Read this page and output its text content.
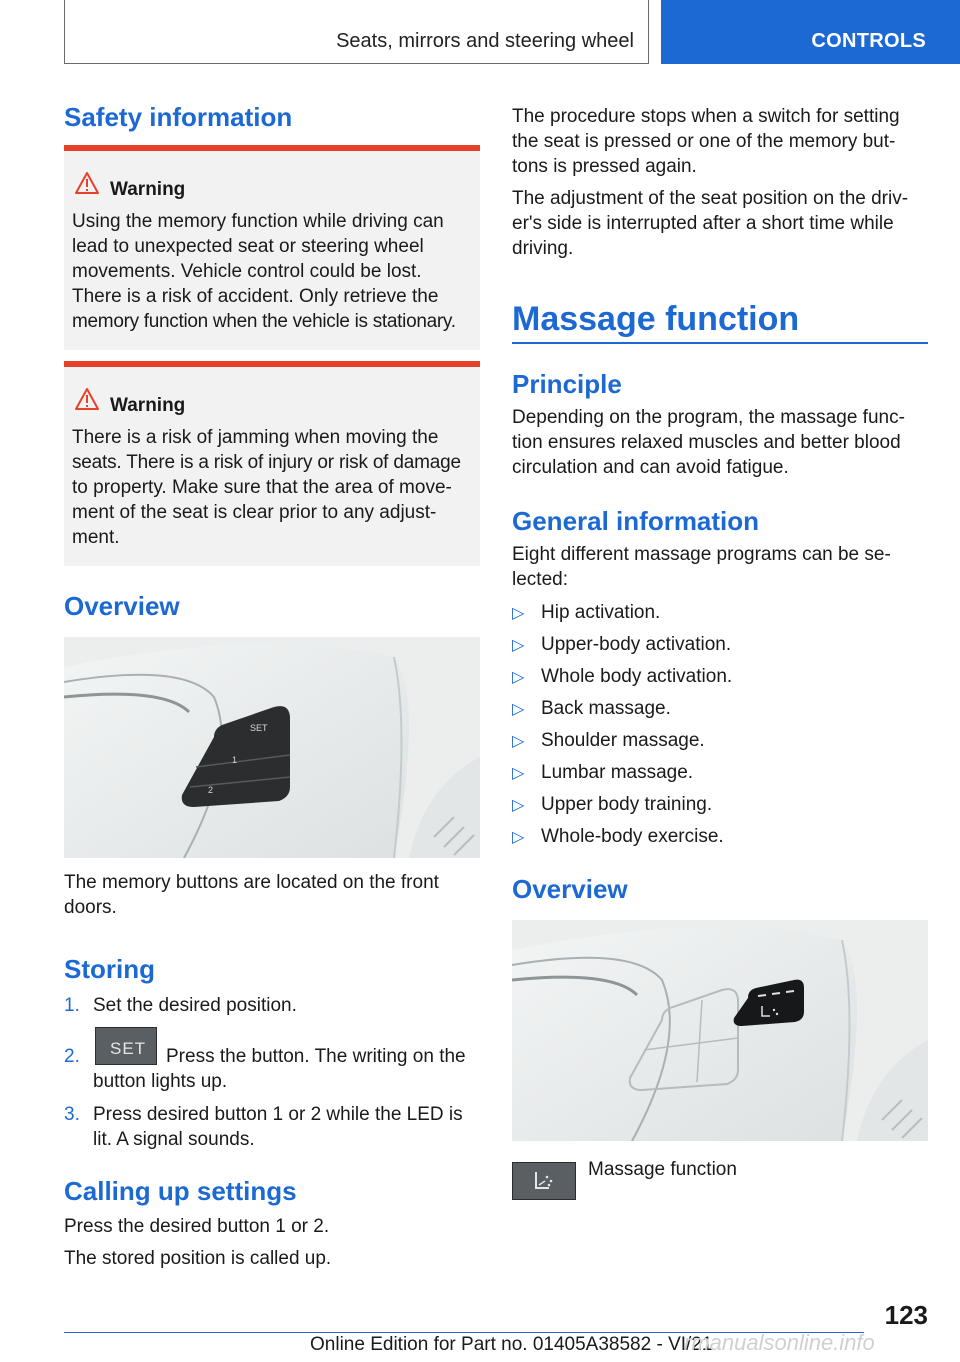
Seats, mirrors and steering wheel	CONTROLS
Safety information
Warning

Using the memory function while driving can

lead to unexpected seat or steering wheel

movements. Vehicle control could be lost.

There is a risk of accident. Only retrieve the

memory function when the vehicle is stationary.

Warning

There is a risk of jamming when moving the

seats. There is a risk of injury or risk of damage

to property. Make sure that the area of move-

ment of the seat is clear prior to any adjust-

ment.

Overview
SET
1
2

The memory buttons are located on the front

doors.

Storing
1. Set the desired position.

2. SET Press the button. The writing on the

button lights up.

3. Press desired button 1 or 2 while the LED is

lit. A signal sounds.

Calling up settings

Press the desired button 1 or 2.

The stored position is called up.

The procedure stops when a switch for setting

the seat is pressed or one of the memory but-

tons is pressed again.

The adjustment of the seat position on the driv-

er's side is interrupted after a short time while

driving.

Massage function
Principle

Depending on the program, the massage func-

tion ensures relaxed muscles and better blood

circulation and can avoid fatigue.

General information

Eight different massage programs can be se-

lected:

▷ Hip activation.
▷ Upper-body activation.
▷ Whole body activation.
▷ Back massage.
▷ Shoulder massage.
▷ Lumbar massage.
▷ Upper body training.
▷ Whole-body exercise.
Overview
Massage function
123
Online Edition for Part no. 01405A38582 - VI/21
rmanualsonline.info
